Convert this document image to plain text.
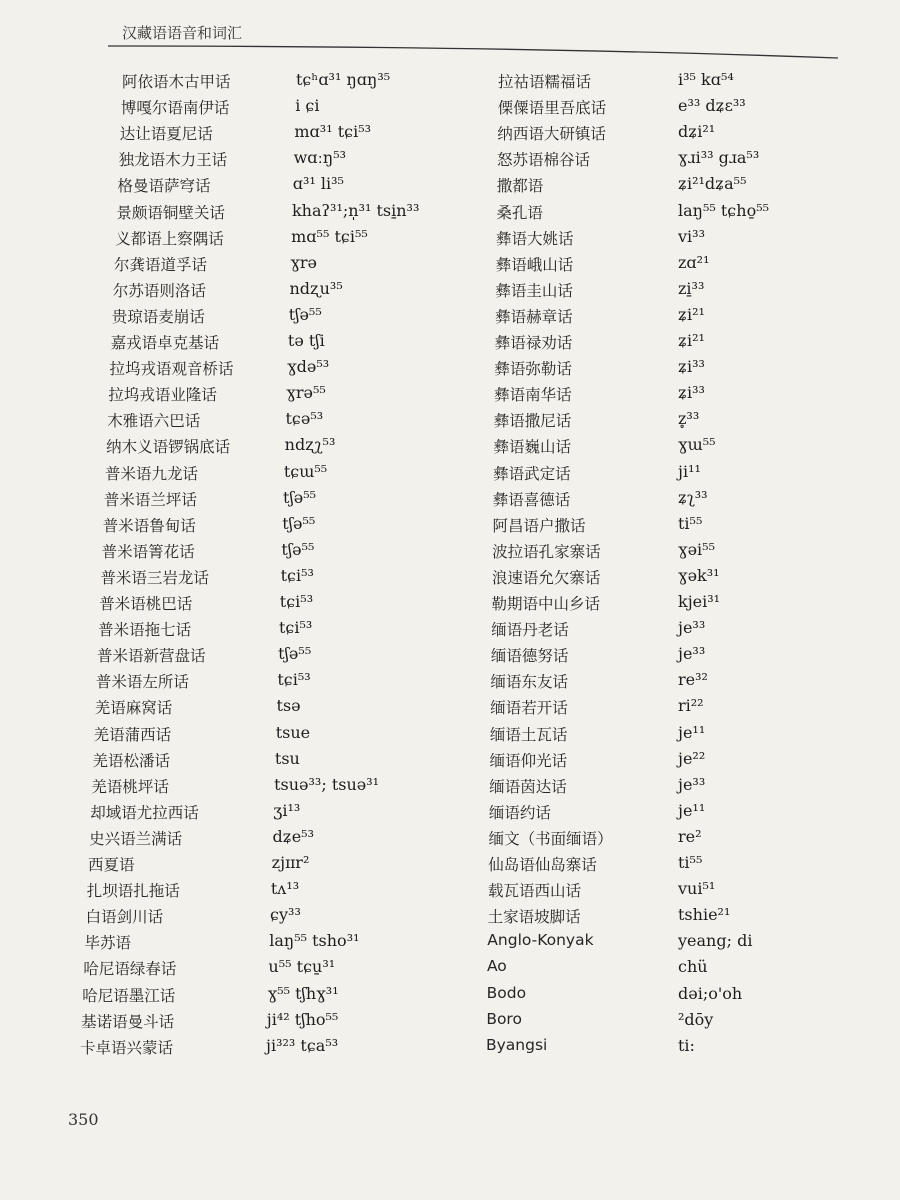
汉藏语语音和词汇
阿依语木古甲话	tɕʰɑ³¹ ŋɑŋ³⁵
博嘎尔语南伊话	i ɕi
达让语夏尼话	mɑ³¹ tɕi⁵³
独龙语木力王话	wɑːŋ⁵³
格曼语萨穹话	ɑ³¹ li³⁵
景颇语铜壁关话	khaʔ³¹;n̩³¹ tsi̱n³³
义都语上察隅话	mɑ⁵⁵ tɕi⁵⁵
尔龚语道孚话	ɣrə
尔苏语则洛话	ndʐu³⁵
贵琼语麦崩话	tʃə⁵⁵
嘉戎语卓克基话	tə tʃi
拉坞戎语观音桥话	ɣdə⁵³
拉坞戎语业隆话	ɣrə⁵⁵
木雅语六巴话	tɕə⁵³
纳木义语锣锅底话	ndʐʅ⁵³
普米语九龙话	tɕɯ⁵⁵
普米语兰坪话	tʃə⁵⁵
普米语鲁甸话	tʃə⁵⁵
普米语箐花话	tʃə⁵⁵
普米语三岩龙话	tɕi⁵³
普米语桃巴话	tɕi⁵³
普米语拖七话	tɕi⁵³
普米语新营盘话	tʃə⁵⁵
普米语左所话	tɕi⁵³
羌语麻窝话	tsə
羌语蒲西话	tsue
羌语松潘话	tsu
羌语桃坪话	tsuə³³; tsuə³¹
却域语尤拉西话	ʒi¹³
史兴语兰满话	dʑe⁵³
西夏语	zjɪɪr²
扎坝语扎拖话	tʌ¹³
白语剑川话	ɕy³³
毕苏语	laŋ⁵⁵ tsho³¹
哈尼语绿春话	u⁵⁵ tɕu̱³¹
哈尼语墨江话	ɣ⁵⁵ tʃhɣ³¹
基诺语曼斗话	ji⁴² tʃho⁵⁵
卡卓语兴蒙话	ji³²³ tɕa⁵³
拉祜语糯福话	i³⁵ kɑ⁵⁴
傈僳语里吾底话	e³³ dʑɛ³³
纳西语大研镇话	dʑi²¹
怒苏语棉谷话	ɣɹi³³ gɹa⁵³
撒都语	ʑi²¹dʑa⁵⁵
桑孔语	laŋ⁵⁵ tɕho̱⁵⁵
彝语大姚话	vi³³
彝语峨山话	zɑ²¹
彝语圭山话	zi̱³³
彝语赫章话	ʑi²¹
彝语禄劝话	ʑi²¹
彝语弥勒话	ʑi³³
彝语南华话	ʑi³³
彝语撒尼话	z̥³³
彝语巍山话	ɣɯ⁵⁵
彝语武定话	ji¹¹
彝语喜德话	ʑʅ³³
阿昌语户撒话	ti⁵⁵
波拉语孔家寨话	ɣəi⁵⁵
浪速语允欠寨话	ɣək³¹
勒期语中山乡话	kjei³¹
缅语丹老话	je³³
缅语德努话	je³³
缅语东友话	re³²
缅语若开话	ri²²
缅语土瓦话	je¹¹
缅语仰光话	je²²
缅语茵达话	je³³
缅语约话	je¹¹
缅文（书面缅语）	re²
仙岛语仙岛寨话	ti⁵⁵
载瓦语西山话	vui⁵¹
土家语坡脚话	tshie²¹
Anglo-Konyak	yeang; di
Ao	chü
Bodo	dəi;o'oh
Boro	²dōy
Byangsi	ti:
350
